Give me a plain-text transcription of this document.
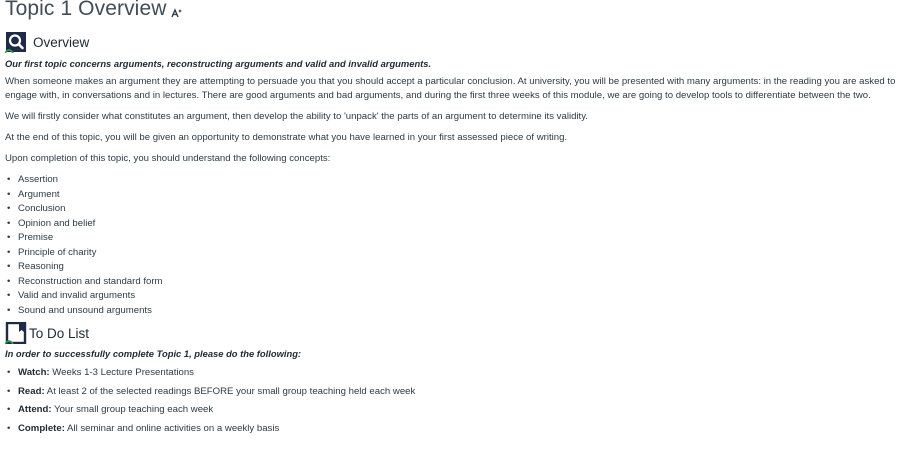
Topic 1 Overview
Overview

Our first topic concerns arguments, reconstructing arguments and valid and invalid arguments.

When someone makes an argument they are attempting to persuade you that you should accept a particular conclusion. At university, you will be presented with many arguments: in the reading you are asked to engage with, in conversations and in lectures. There are good arguments and bad arguments, and during the first three weeks of this module, we are going to develop tools to differentiate between the two.

We will firstly consider what constitutes an argument, then develop the ability to 'unpack' the parts of an argument to determine its validity.

At the end of this topic, you will be given an opportunity to demonstrate what you have learned in your first assessed piece of writing.

Upon completion of this topic, you should understand the following concepts:

• Assertion
• Argument
• Conclusion
• Opinion and belief
• Premise
• Principle of charity
• Reasoning
• Reconstruction and standard form
• Valid and invalid arguments
• Sound and unsound arguments
To Do List

In order to successfully complete Topic 1, please do the following:

• Watch: Weeks 1-3 Lecture Presentations
• Read: At least 2 of the selected readings BEFORE your small group teaching held each week
• Attend: Your small group teaching each week
• Complete: All seminar and online activities on a weekly basis
